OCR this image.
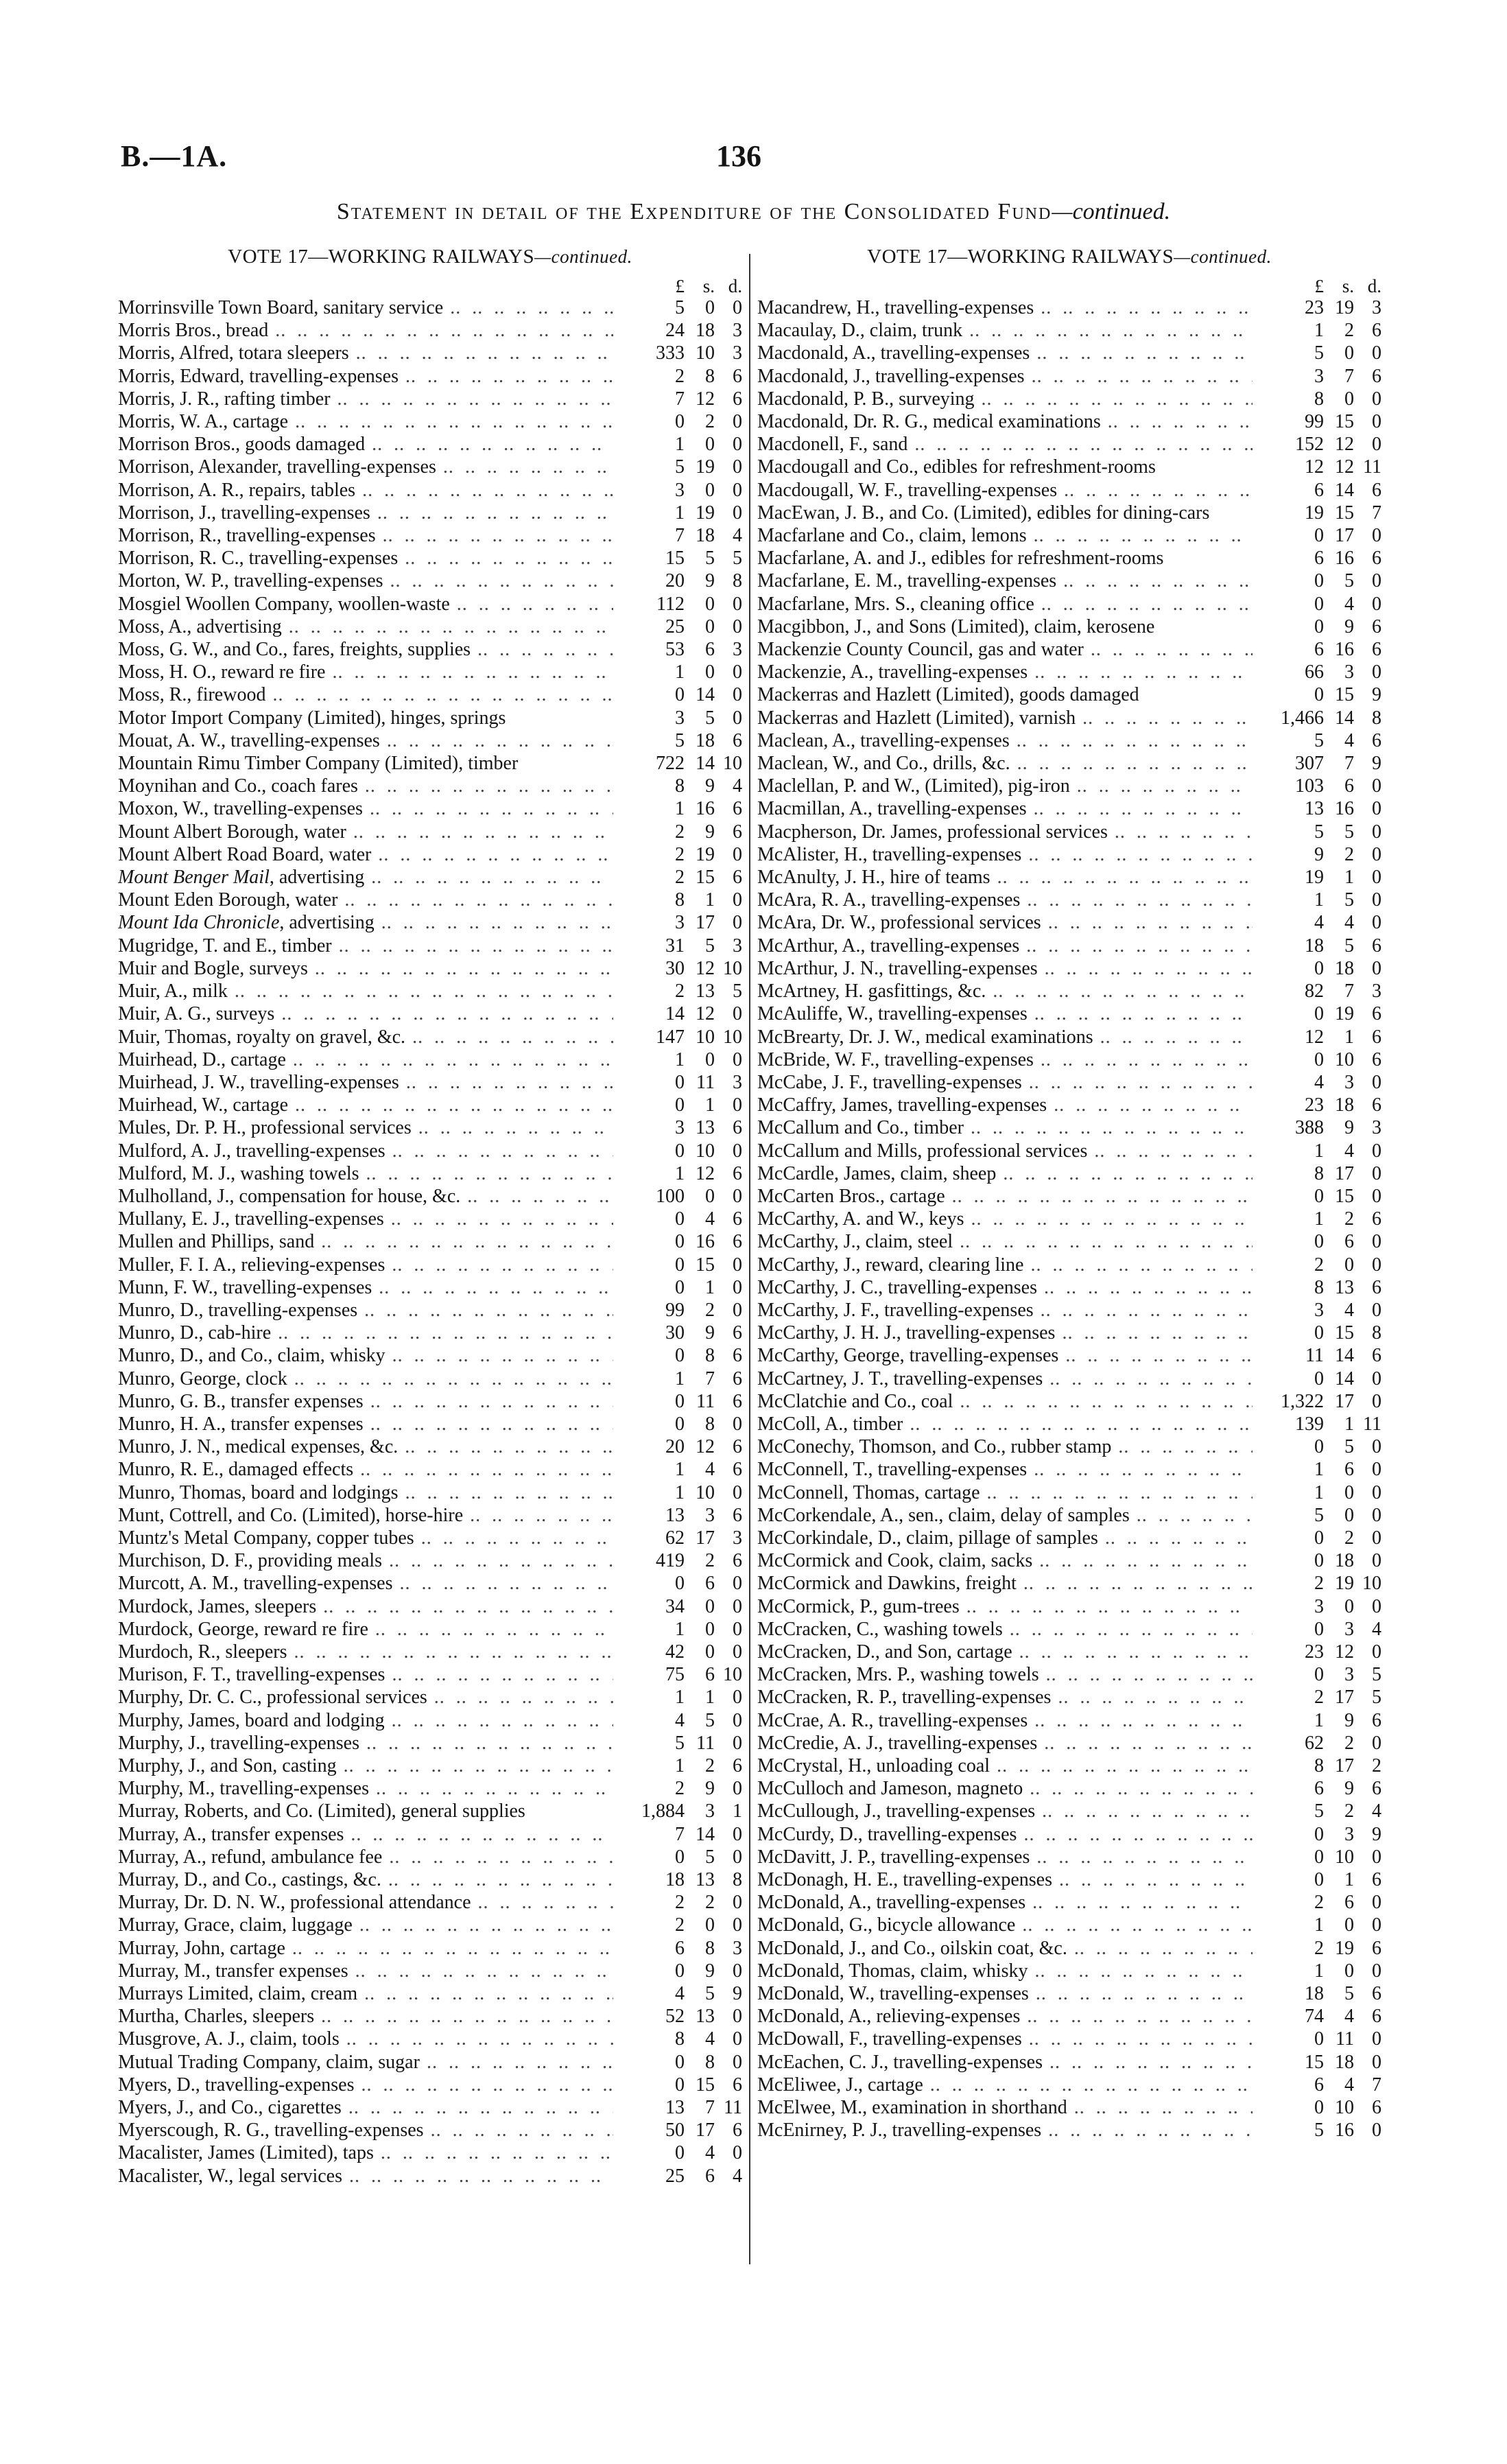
B.—1A.	136
Statement in detail of the Expenditure of the Consolidated Fund—continued.
VOTE 17—WORKING RAILWAYS—continued.
£ s. d.
Morrinsville Town Board, sanitary service .. .	5	0 0
Morris Bros., bread .. .	24 18 3
Morris, Alfred, totara sleepers .. .	333 10 3
Morris, Edward, travelling-expenses .. .	2	8 6
Morris, J. R., rafting timber .. .	7 12 6
Morris, W. A., cartage .. .	0	2 0
Morrison Bros., goods damaged .. .	1	0 0
Morrison, Alexander, travelling-expenses .. .	5 19 0
Morrison, A. R., repairs, tables .. .	3	0 0
Morrison, J., travelling-expenses .. .	1 19 0
Morrison, R., travelling-expenses .. .	7 18 4
Morrison, R. C., travelling-expenses .. .	15	5 5
Morton, W. P., travelling-expenses .. .	20	9 8
Mosgiel Woollen Company, woollen-waste .. .	112	0 0
Moss, A., advertising .. .	25	0 0
Moss, G. W., and Co., fares, freights, supplies .. .	53	6 3
Moss, H. O., reward re fire .. .	1	0 0
Moss, R., firewood .. .	0 14 0
Motor Import Company (Limited), hinges, springs	3	5 0
Mouat, A. W., travelling-expenses .. .	5 18 6
Mountain Rimu Timber Company (Limited), timber	722 14 10
Moynihan and Co., coach fares .. .	8	9 4
Moxon, W., travelling-expenses .. .	1 16 6
Mount Albert Borough, water .. .	2	9 6
Mount Albert Road Board, water .. .	2 19 0
Mount Benger Mail, advertising .. .	2 15 6
Mount Eden Borough, water .. .	8	1 0
Mount Ida Chronicle, advertising .. .	3 17 0
Mugridge, T. and E., timber .. .	31	5 3
Muir and Bogle, surveys .. .	30 12 10
Muir, A., milk .. .	2 13 5
Muir, A. G., surveys .. .	14 12 0
Muir, Thomas, royalty on gravel, &c. .. .	147 10 10
Muirhead, D., cartage .. .	1	0 0
Muirhead, J. W., travelling-expenses .. .	0 11 3
Muirhead, W., cartage .. .	0	1 0
Mules, Dr. P. H., professional services .. .	3 13 6
Mulford, A. J., travelling-expenses .. .	0 10 0
Mulford, M. J., washing towels .. .	1 12 6
Mulholland, J., compensation for house, &c. .. .	100	0 0
Mullany, E. J., travelling-expenses .. .	0	4 6
Mullen and Phillips, sand .. .	0 16 6
Muller, F. I. A., relieving-expenses .. .	0 15 0
Munn, F. W., travelling-expenses .. .	0	1 0
Munro, D., travelling-expenses .. .	99	2 0
Munro, D., cab-hire .. .	30	9 6
Munro, D., and Co., claim, whisky .. .	0	8 6
Munro, George, clock .. .	1	7 6
Munro, G. B., transfer expenses .. .	0 11 6
Munro, H. A., transfer expenses .. .	0	8 0
Munro, J. N., medical expenses, &c. .. .	20 12 6
Munro, R. E., damaged effects .. .	1	4 6
Munro, Thomas, board and lodgings .. .	1 10 0
Munt, Cottrell, and Co. (Limited), horse-hire .. .	13	3 6
Muntz's Metal Company, copper tubes .. .	62 17 3
Murchison, D. F., providing meals .. .	419	2 6
Murcott, A. M., travelling-expenses .. .	0	6 0
Murdock, James, sleepers .. .	34	0 0
Murdock, George, reward re fire .. .	1	0 0
Murdoch, R., sleepers .. .	42	0 0
Murison, F. T., travelling-expenses .. .	75	6 10
Murphy, Dr. C. C., professional services .. .	1	1 0
Murphy, James, board and lodging .. .	4	5 0
Murphy, J., travelling-expenses .. .	5 11 0
Murphy, J., and Son, casting .. .	1	2 6
Murphy, M., travelling-expenses .. .	2	9 0
Murray, Roberts, and Co. (Limited), general supplies	1,884	3 1
Murray, A., transfer expenses .. .	7 14 0
Murray, A., refund, ambulance fee .. .	0	5 0
Murray, D., and Co., castings, &c. .. .	18 13 8
Murray, Dr. D. N. W., professional attendance .. .	2	2 0
Murray, Grace, claim, luggage .. .	2	0 0
Murray, John, cartage .. .	6	8 3
Murray, M., transfer expenses .. .	0	9 0
Murrays Limited, claim, cream .. .	4	5 9
Murtha, Charles, sleepers .. .	52 13 0
Musgrove, A. J., claim, tools .. .	8	4 0
Mutual Trading Company, claim, sugar .. .	0	8 0
Myers, D., travelling-expenses .. .	0 15 6
Myers, J., and Co., cigarettes .. .	13	7 11
Myerscough, R. G., travelling-expenses .. .	50 17 6
Macalister, James (Limited), taps .. .	0	4 0
Macalister, W., legal services .. .	25	6 4
VOTE 17—WORKING RAILWAYS—continued.
£ s. d.
Macandrew, H., travelling-expenses .. .	23 19 3
Macaulay, D., claim, trunk .. .	1	2 6
Macdonald, A., travelling-expenses .. .	5	0 0
Macdonald, J., travelling-expenses .. .	3	7 6
Macdonald, P. B., surveying .. .	8	0 0
Macdonald, Dr. R. G., medical examinations .. .	99 15 0
Macdonell, F., sand .. .	152 12 0
Macdougall and Co., edibles for refreshment-rooms	12 12 11
Macdougall, W. F., travelling-expenses .. .	6 14 6
MacEwan, J. B., and Co. (Limited), edibles for dining-cars	19 15 7
Macfarlane and Co., claim, lemons .. .	0 17 0
Macfarlane, A. and J., edibles for refreshment-rooms	6 16 6
Macfarlane, E. M., travelling-expenses .. .	0	5 0
Macfarlane, Mrs. S., cleaning office .. .	0	4 0
Macgibbon, J., and Sons (Limited), claim, kerosene	0	9 6
Mackenzie County Council, gas and water .. .	6 16 6
Mackenzie, A., travelling-expenses .. .	66	3 0
Mackerras and Hazlett (Limited), goods damaged	0 15 9
Mackerras and Hazlett (Limited), varnish .. .	1,466 14 8
Maclean, A., travelling-expenses .. .	5	4 6
Maclean, W., and Co., drills, &c. .. .	307	7 9
Maclellan, P. and W., (Limited), pig-iron .. .	103	6 0
Macmillan, A., travelling-expenses .. .	13 16 0
Macpherson, Dr. James, professional services .. .	5	5 0
McAlister, H., travelling-expenses .. .	9	2 0
McAnulty, J. H., hire of teams .. .	19	1 0
McAra, R. A., travelling-expenses .. .	1	5 0
McAra, Dr. W., professional services .. .	4	4 0
McArthur, A., travelling-expenses .. .	18	5 6
McArthur, J. N., travelling-expenses .. .	0 18 0
McArtney, H. gasfittings, &c. .. .	82	7 3
McAuliffe, W., travelling-expenses .. .	0 19 6
McBrearty, Dr. J. W., medical examinations .. .	12	1 6
McBride, W. F., travelling-expenses .. .	0 10 6
McCabe, J. F., travelling-expenses .. .	4	3 0
McCaffry, James, travelling-expenses .. .	23 18 6
McCallum and Co., timber .. .	388	9 3
McCallum and Mills, professional services .. .	1	4 0
McCardle, James, claim, sheep .. .	8 17 0
McCarten Bros., cartage .. .	0 15 0
McCarthy, A. and W., keys .. .	1	2 6
McCarthy, J., claim, steel .. .	0	6 0
McCarthy, J., reward, clearing line .. .	2	0 0
McCarthy, J. C., travelling-expenses .. .	8 13 6
McCarthy, J. F., travelling-expenses .. .	3	4 0
McCarthy, J. H. J., travelling-expenses .. .	0 15 8
McCarthy, George, travelling-expenses .. .	11 14 6
McCartney, J. T., travelling-expenses .. .	0 14 0
McClatchie and Co., coal .. .	1,322 17 0
McColl, A., timber .. .	139	1 11
McConechy, Thomson, and Co., rubber stamp .. .	0	5 0
McConnell, T., travelling-expenses .. .	1	6 0
McConnell, Thomas, cartage .. .	1	0 0
McCorkendale, A., sen., claim, delay of samples .. .	5	0 0
McCorkindale, D., claim, pillage of samples .. .	0	2 0
McCormick and Cook, claim, sacks .. .	0 18 0
McCormick and Dawkins, freight .. .	2 19 10
McCormick, P., gum-trees .. .	3	0 0
McCracken, C., washing towels .. .	0	3 4
McCracken, D., and Son, cartage .. .	23 12 0
McCracken, Mrs. P., washing towels .. .	0	3 5
McCracken, R. P., travelling-expenses .. .	2 17 5
McCrae, A. R., travelling-expenses .. .	1	9 6
McCredie, A. J., travelling-expenses .. .	62	2 0
McCrystal, H., unloading coal .. .	8 17 2
McCulloch and Jameson, magneto .. .	6	9 6
McCullough, J., travelling-expenses .. .	5	2 4
McCurdy, D., travelling-expenses .. .	0	3 9
McDavitt, J. P., travelling-expenses .. .	0 10 0
McDonagh, H. E., travelling-expenses .. .	0	1 6
McDonald, A., travelling-expenses .. .	2	6 0
McDonald, G., bicycle allowance .. .	1	0 0
McDonald, J., and Co., oilskin coat, &c. .. .	2 19 6
McDonald, Thomas, claim, whisky .. .	1	0 0
McDonald, W., travelling-expenses .. .	18	5 6
McDonald, A., relieving-expenses .. .	74	4 6
McDowall, F., travelling-expenses .. .	0 11 0
McEachen, C. J., travelling-expenses .. .	15 18 0
McEliwee, J., cartage .. .	6	4 7
McElwee, M., examination in shorthand .. .	0 10 6
McEnirney, P. J., travelling-expenses .. .	5 16 0
